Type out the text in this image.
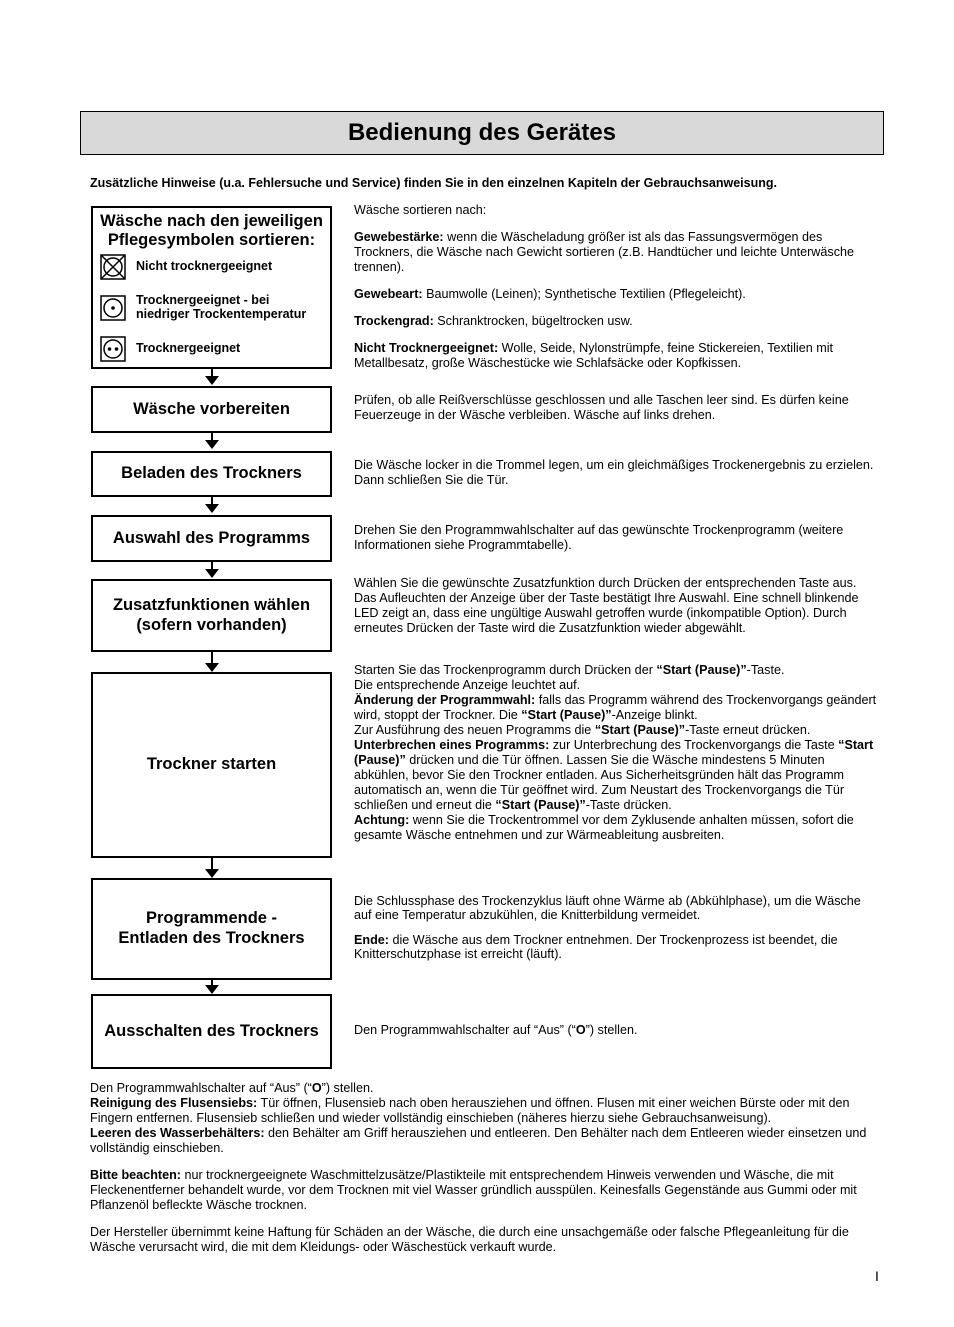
Bedienung des Gerätes
Zusätzliche Hinweise (u.a. Fehlersuche und Service) finden Sie in den einzelnen Kapiteln der Gebrauchsanweisung.
Wäsche nach den jeweiligen Pflegesymbolen sortieren:
Nicht trocknergeeignet
Trocknergeeignet - bei niedriger Trockentemperatur
Trocknergeeignet
Wäsche vorbereiten
Beladen des Trockners
Auswahl des Programms
Zusatzfunktionen wählen (sofern vorhanden)
Trockner starten
Programmende - Entladen des Trockners
Ausschalten des Trockners

Wäsche sortieren nach:

Gewebestärke: wenn die Wäscheladung größer ist als das Fassungsvermögen des Trockners, die Wäsche nach Gewicht sortieren (z.B. Handtücher und leichte Unterwäsche trennen).

Gewebeart: Baumwolle (Leinen); Synthetische Textilien (Pflegeleicht).

Trockengrad: Schranktrocken, bügeltrocken usw.

Nicht Trocknergeeignet: Wolle, Seide, Nylonstrümpfe, feine Stickereien, Textilien mit Metallbesatz, große Wäschestücke wie Schlafsäcke oder Kopfkissen.

Prüfen, ob alle Reißverschlüsse geschlossen und alle Taschen leer sind. Es dürfen keine Feuerzeuge in der Wäsche verbleiben. Wäsche auf links drehen.
Die Wäsche locker in die Trommel legen, um ein gleichmäßiges Trockenergebnis zu erzielen. Dann schließen Sie die Tür.
Drehen Sie den Programmwahlschalter auf das gewünschte Trockenprogramm (weitere Informationen siehe Programmtabelle).
Wählen Sie die gewünschte Zusatzfunktion durch Drücken der entsprechenden Taste aus. Das Aufleuchten der Anzeige über der Taste bestätigt Ihre Auswahl. Eine schnell blinkende LED zeigt an, dass eine ungültige Auswahl getroffen wurde (inkompatible Option). Durch erneutes Drücken der Taste wird die Zusatzfunktion wieder abgewählt.

Starten Sie das Trockenprogramm durch Drücken der “Start (Pause)”-Taste.
Die entsprechende Anzeige leuchtet auf.

Änderung der Programmwahl: falls das Programm während des Trockenvorgangs geändert wird, stoppt der Trockner. Die “Start (Pause)”-Anzeige blinkt.
Zur Ausführung des neuen Programms die “Start (Pause)”-Taste erneut drücken.

Unterbrechen eines Programms: zur Unterbrechung des Trockenvorgangs die Taste “Start (Pause)” drücken und die Tür öffnen. Lassen Sie die Wäsche mindestens 5 Minuten abkühlen, bevor Sie den Trockner entladen. Aus Sicherheitsgründen hält das Programm automatisch an, wenn die Tür geöffnet wird. Zum Neustart des Trockenvorgangs die Tür schließen und erneut die “Start (Pause)”-Taste drücken.

Achtung: wenn Sie die Trockentrommel vor dem Zyklusende anhalten müssen, sofort die gesamte Wäsche entnehmen und zur Wärmeableitung ausbreiten.

Die Schlussphase des Trockenzyklus läuft ohne Wärme ab (Abkühlphase), um die Wäsche auf eine Temperatur abzukühlen, die Knitterbildung vermeidet.

Ende: die Wäsche aus dem Trockner entnehmen. Der Trockenprozess ist beendet, die Knitterschutzphase ist erreicht (läuft).

Den Programmwahlschalter auf “Aus” (“O”) stellen.

Den Programmwahlschalter auf “Aus” (“O”) stellen.

Reinigung des Flusensiebs: Tür öffnen, Flusensieb nach oben herausziehen und öffnen. Flusen mit einer weichen Bürste oder mit den Fingern entfernen. Flusensieb schließen und wieder vollständig einschieben (näheres hierzu siehe Gebrauchsanweisung).

Leeren des Wasserbehälters: den Behälter am Griff herausziehen und entleeren. Den Behälter nach dem Entleeren wieder einsetzen und vollständig einschieben.

Bitte beachten: nur trocknergeeignete Waschmittelzusätze/Plastikteile mit entsprechendem Hinweis verwenden und Wäsche, die mit Fleckenentferner behandelt wurde, vor dem Trocknen mit viel Wasser gründlich ausspülen. Keinesfalls Gegenstände aus Gummi oder mit Pflanzenöl befleckte Wäsche trocknen.

Der Hersteller übernimmt keine Haftung für Schäden an der Wäsche, die durch eine unsachgemäße oder falsche Pflegeanleitung für die Wäsche verursacht wird, die mit dem Kleidungs- oder Wäschestück verkauft wurde.

I
